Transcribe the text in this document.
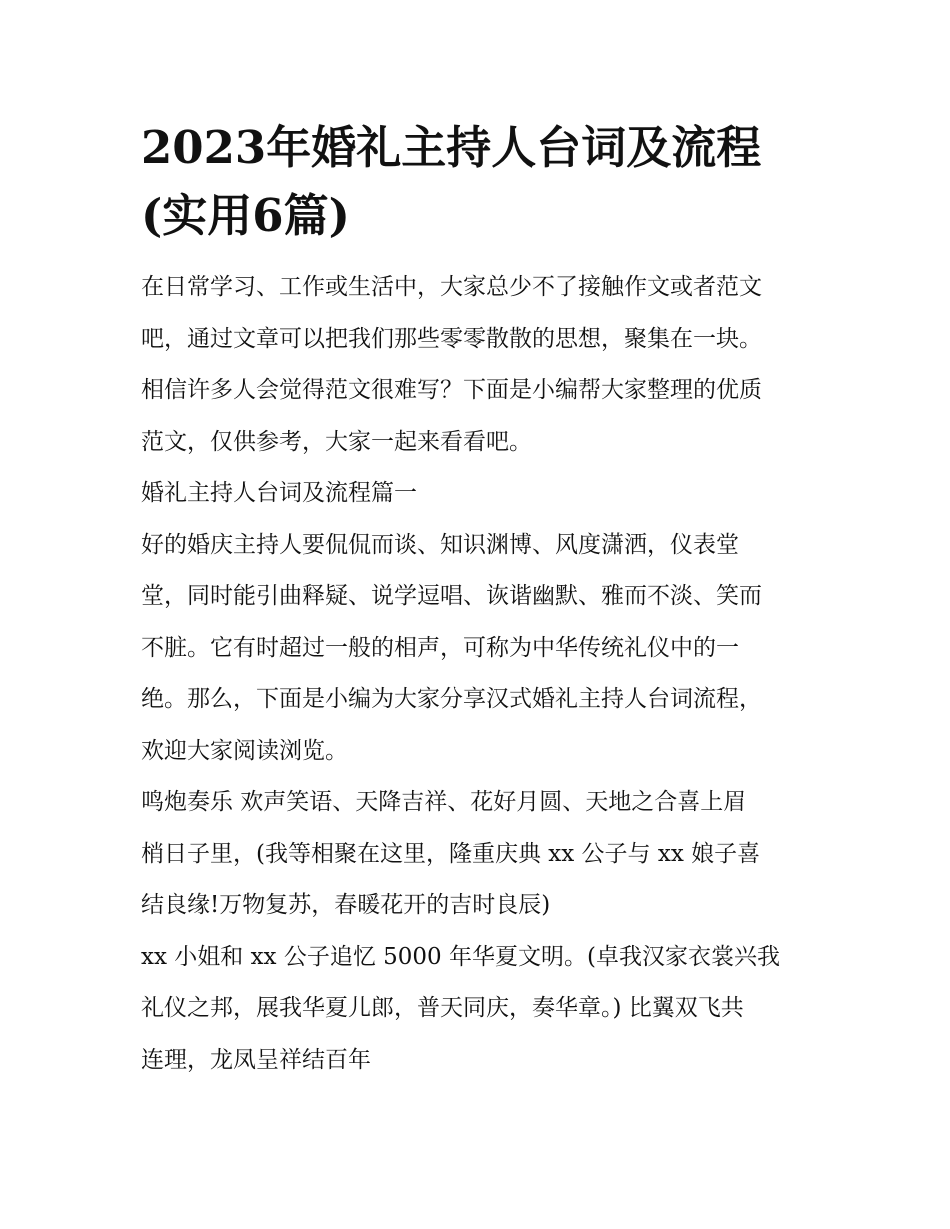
2023年婚礼主持人台词及流程
(实用6篇)
在日常学习、工作或生活中，大家总少不了接触作文或者范文
吧，通过文章可以把我们那些零零散散的思想，聚集在一块。
相信许多人会觉得范文很难写？下面是小编帮大家整理的优质
范文，仅供参考，大家一起来看看吧。
婚礼主持人台词及流程篇一
好的婚庆主持人要侃侃而谈、知识渊博、风度潇洒，仪表堂
堂，同时能引曲释疑、说学逗唱、诙谐幽默、雅而不淡、笑而
不脏。它有时超过一般的相声，可称为中华传统礼仪中的一
绝。那么，下面是小编为大家分享汉式婚礼主持人台词流程，
欢迎大家阅读浏览。
鸣炮奏乐 欢声笑语、天降吉祥、花好月圆、天地之合喜上眉
梢日子里，(我等相聚在这里，隆重庆典 xx 公子与 xx 娘子喜
结良缘!万物复苏，春暖花开的吉时良辰)
xx 小姐和 xx 公子追忆 5000 年华夏文明。(卓我汉家衣裳兴我
礼仪之邦，展我华夏儿郎，普天同庆，奏华章。) 比翼双飞共
连理，龙凤呈祥结百年
